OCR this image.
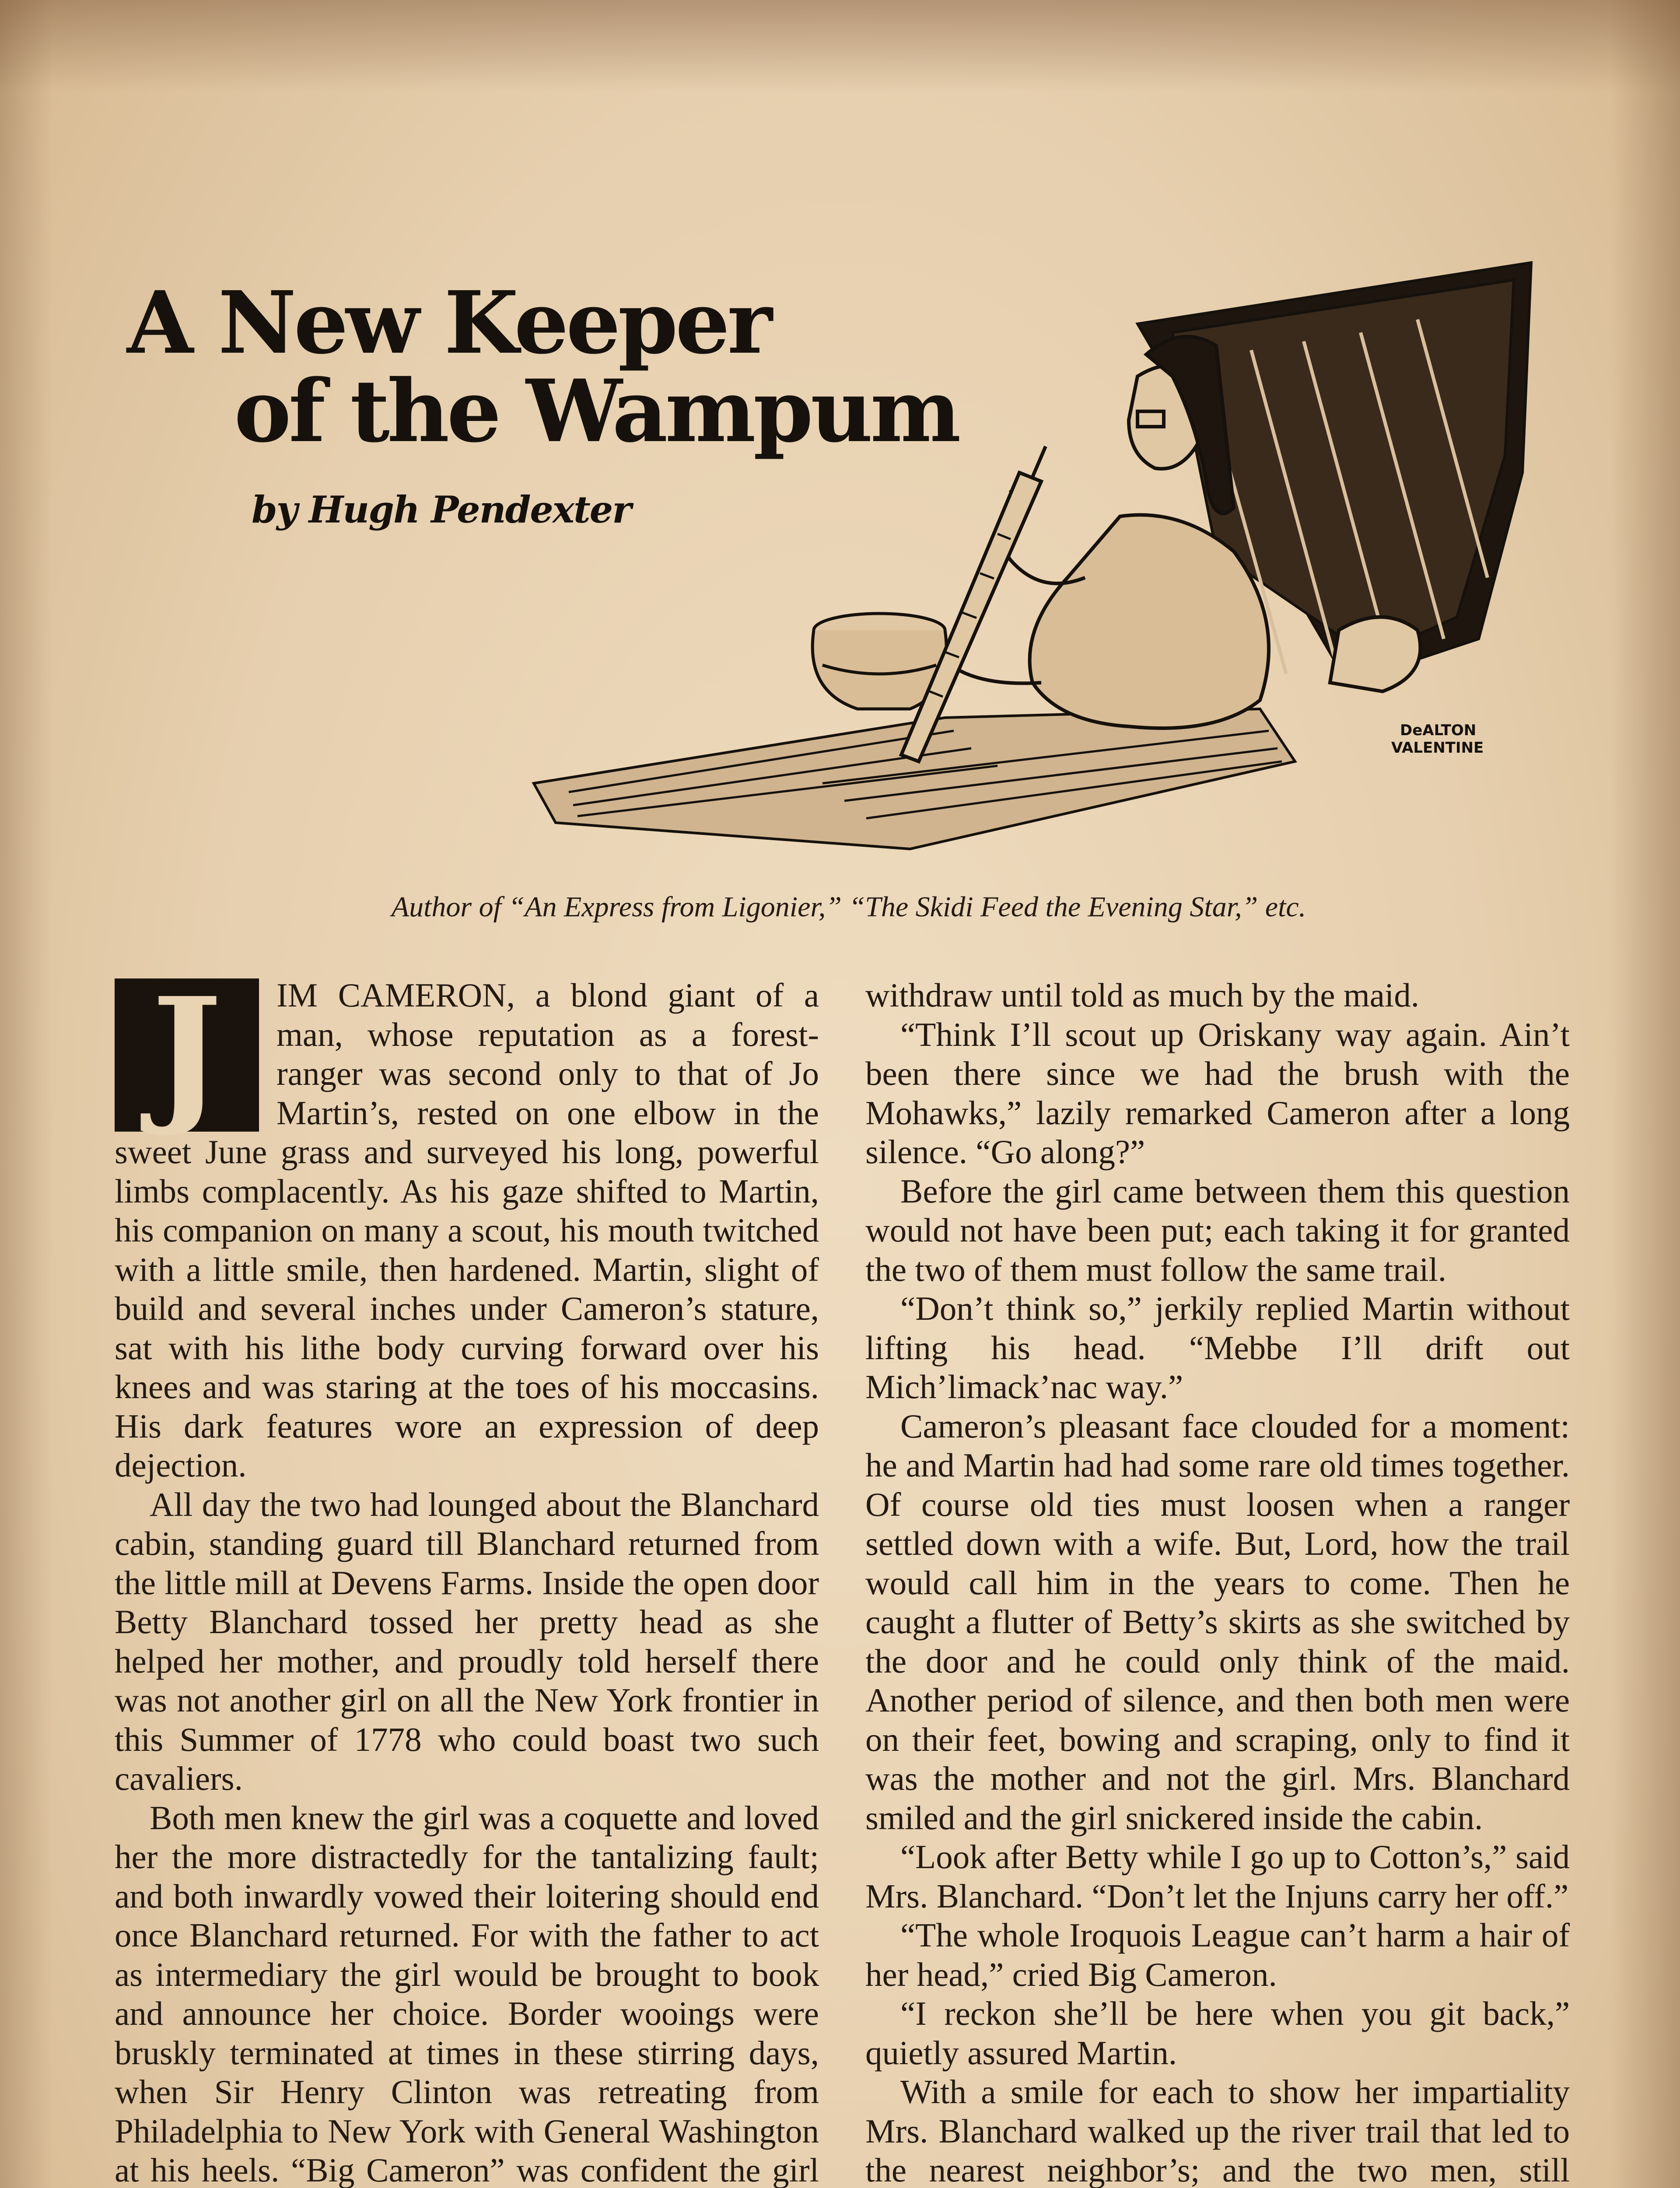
A New Keeper
of the Wampum
by Hugh Pendexter
DeALTON
VALENTINE
Author of “An Express from Ligonier,” “The Skidi Feed the Evening Star,” etc.

J	IM CAMERON, a blond giant of a man, whose reputation as a forest-ranger was second only to that of Jo Martin’s, rested on one elbow in the sweet June grass and surveyed his long, powerful limbs complacently. As his gaze shifted to Martin, his companion on many a scout, his mouth twitched with a little smile, then hardened. Martin, slight of build and several inches under Cameron’s stature, sat with his lithe body curving forward over his knees and was staring at the toes of his moccasins. His dark features wore an expression of deep dejection.

All day the two had lounged about the Blanchard cabin, standing guard till Blanchard returned from the little mill at Devens Farms. Inside the open door Betty Blanchard tossed her pretty head as she helped her mother, and proudly told herself there was not another girl on all the New York frontier in this Summer of 1778 who could boast two such cavaliers.

Both men knew the girl was a coquette and loved her the more distractedly for the tantalizing fault; and both inwardly vowed their loitering should end once Blanchard returned. For with the father to act as intermediary the girl would be brought to book and announce her choice. Border wooings were bruskly terminated at times in these stirring days, when Sir Henry Clinton was retreating from Philadelphia to New York with General Washington at his heels. “Big Cameron” was confident the girl

withdraw until told as much by the maid.

“Think I’ll scout up Oriskany way again. Ain’t been there since we had the brush with the Mohawks,” lazily remarked Cameron after a long silence. “Go along?”

Before the girl came between them this question would not have been put; each taking it for granted the two of them must follow the same trail.

“Don’t think so,” jerkily replied Martin without lifting his head. “Mebbe I’ll drift out Mich’limack’nac way.”

Cameron’s pleasant face clouded for a moment: he and Martin had had some rare old times together. Of course old ties must loosen when a ranger settled down with a wife. But, Lord, how the trail would call him in the years to come. Then he caught a flutter of Betty’s skirts as she switched by the door and he could only think of the maid. Another period of silence, and then both men were on their feet, bowing and scraping, only to find it was the mother and not the girl. Mrs. Blanchard smiled and the girl snickered inside the cabin.

“Look after Betty while I go up to Cotton’s,” said Mrs. Blanchard. “Don’t let the Injuns carry her off.”

“The whole Iroquois League can’t harm a hair of her head,” cried Big Cameron.

“I reckon she’ll be here when you git back,” quietly assured Martin.

With a smile for each to show her impartiality Mrs. Blanchard walked up the river trail that led to the nearest neighbor’s; and the two men, still
